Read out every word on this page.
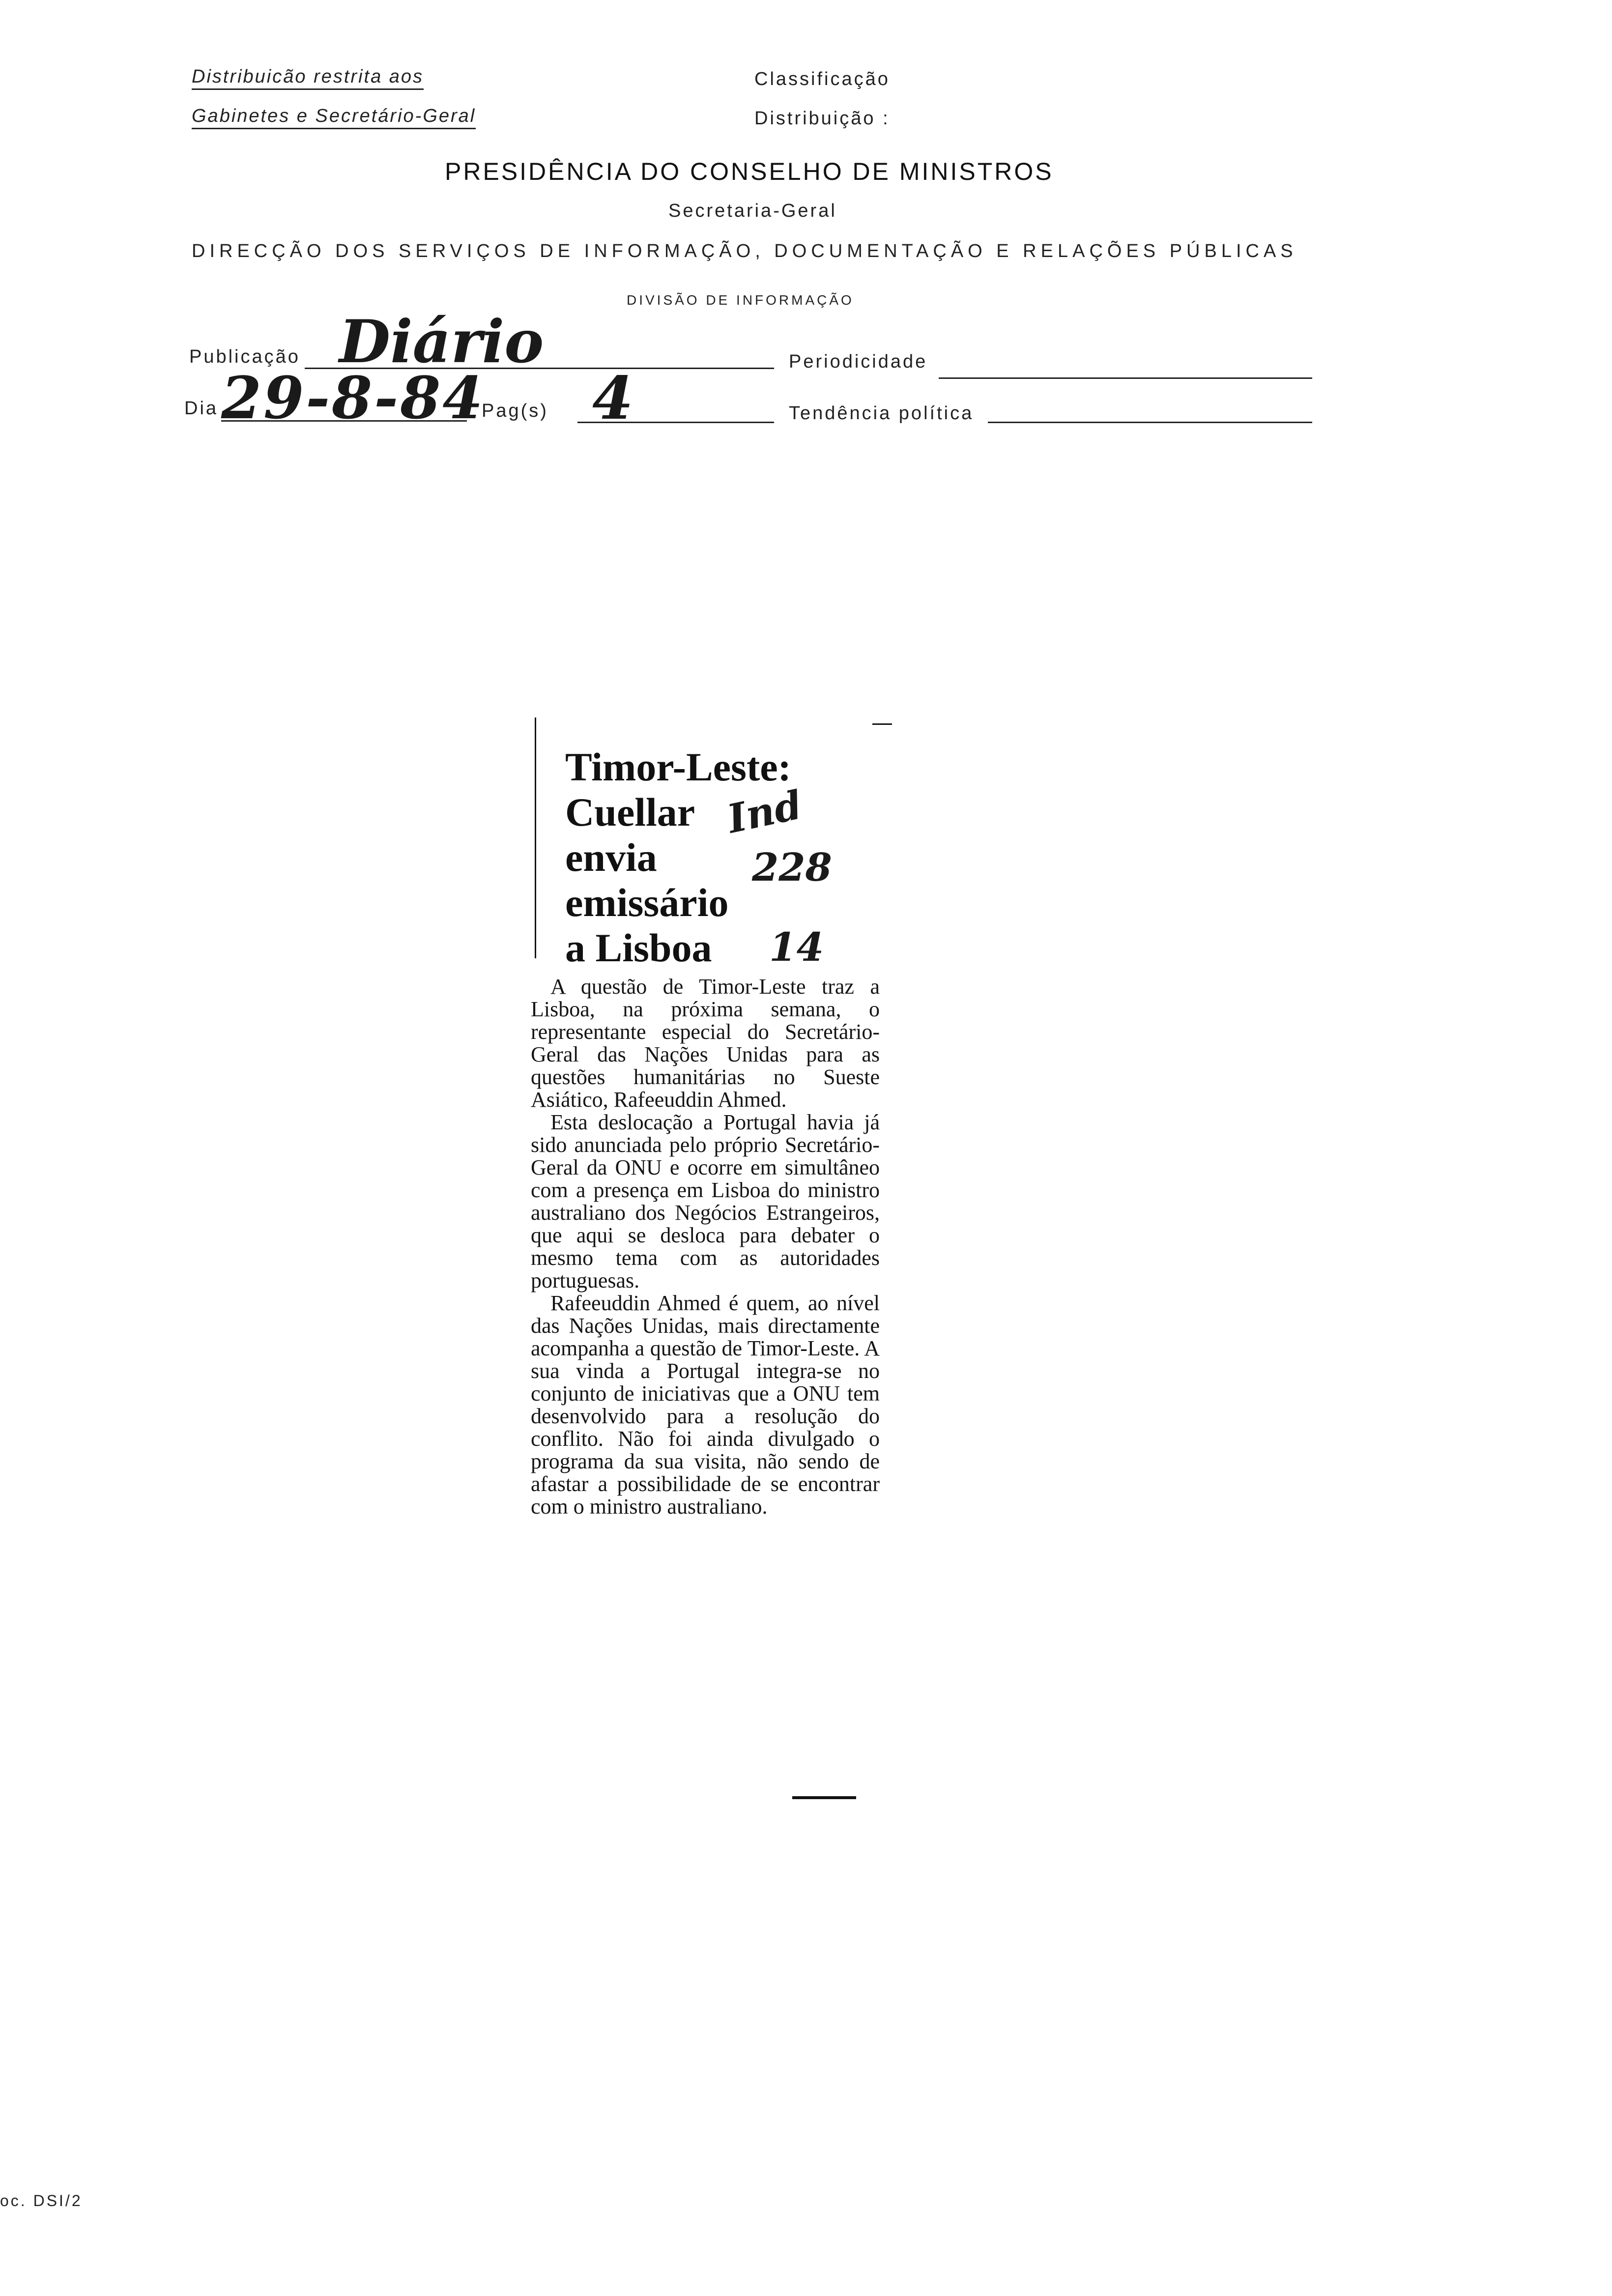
Distribuicão restrita aos
Gabinetes e Secretário-Geral
Classificação
Distribuição :
PRESIDÊNCIA DO CONSELHO DE MINISTROS
Secretaria-Geral
DIRECÇÃO DOS SERVIÇOS DE INFORMAÇÃO, DOCUMENTAÇÃO E RELAÇÕES PÚBLICAS
DIVISÃO DE INFORMAÇÃO
Publicação Diário	Periodicidade
Dia 29-8-84
Pag(s) 4	Tendência política
Timor-Leste:
Cuellar
envia
emissário
a Lisboa
Ind
228
14

A questão de Timor-Leste traz a Lisboa, na próxima semana, o representante especial do Secretário-Geral das Nações Unidas para as questões humanitárias no Sueste Asiático, Rafeeuddin Ahmed.

Esta deslocação a Portugal havia já sido anunciada pelo próprio Secretário-Geral da ONU e ocorre em simultâneo com a presença em Lisboa do ministro australiano dos Negócios Estrangeiros, que aqui se desloca para debater o mesmo tema com as autoridades portuguesas.

Rafeeuddin Ahmed é quem, ao nível das Nações Unidas, mais directamente acompanha a questão de Timor-Leste. A sua vinda a Portugal integra-se no conjunto de iniciativas que a ONU tem desenvolvido para a resolução do conflito. Não foi ainda divulgado o programa da sua visita, não sendo de afastar a possibilidade de se encontrar com o ministro australiano.

oc. DSI/2
